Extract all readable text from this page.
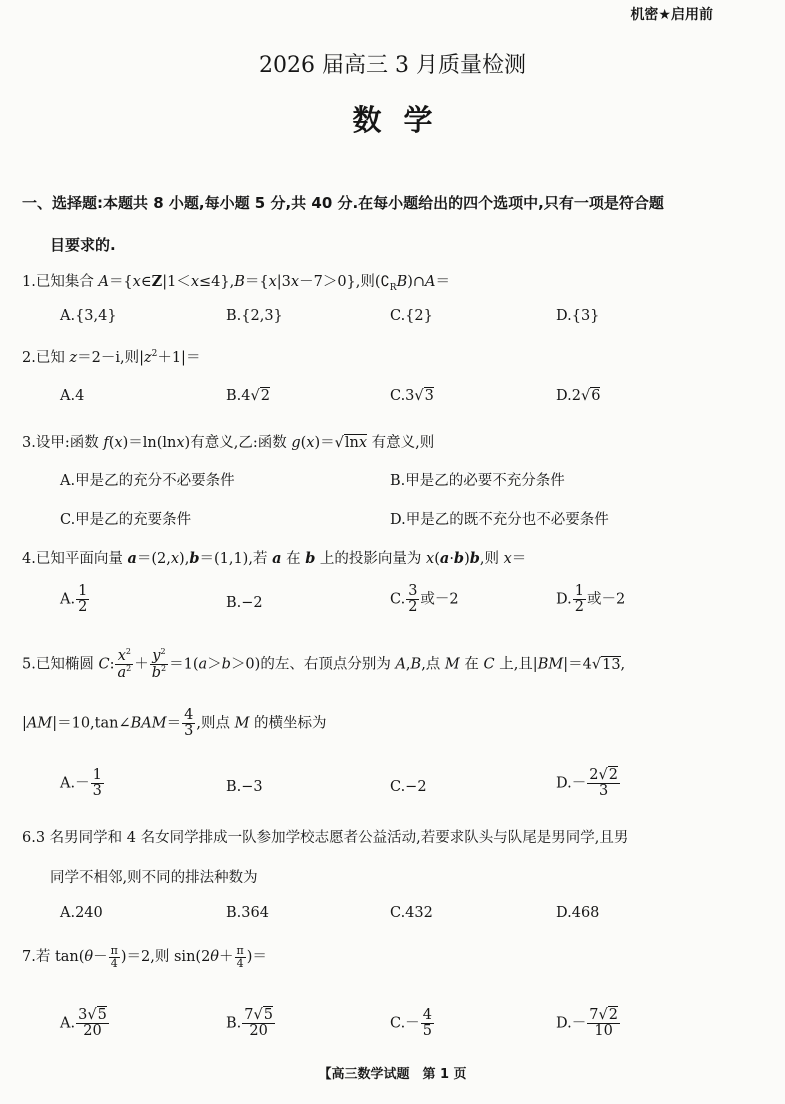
机密★启用前
2026 届高三 3 月质量检测
数学
一、选择题:本题共 8 小题,每小题 5 分,共 40 分.在每小题给出的四个选项中,只有一项是符合题
目要求的.
1.已知集合 A＝{x∈Z|1＜x≤4},B＝{x|3x－7＞0},则$(∁_RB)\cap A=$
A.{3,4}	B.{2,3}	C.{2}	D.{3}
2.已知 z＝2－i,则$|z^2+1|=$
A.4	B.4√2	C.3√3	D.2√6
3.设甲:函数 f(x)＝ln(lnx)有意义,乙:函数 g(x)＝√lnx 有意义,则
A.甲是乙的充分不必要条件	B.甲是乙的必要不充分条件
C.甲是乙的充要条件	D.甲是乙的既不充分也不必要条件
4.已知平面向量 a＝(2,x),b＝(1,1),若 a 在 b 上的投影向量为 x(a·b)b,则 x＝
A. $\frac{1}{2}$	B.−2	C. $\frac{3}{2}$ 或－2	D. $\frac{1}{2}$ 或－2
5.已知椭圆 C: $\frac{x^2}{a^2} + \frac{y^2}{b^2} =1(a>b>0)$的左、右顶点分别为 A,B,点 M 在 C 上,且|BM|＝4√13,
|AM|＝10,tan∠BAM＝ $\frac{4}{3}$ ,则点 M 的横坐标为
$A.- \frac{1}{3}$	B.−3	C.−2	$D.- \frac{2√2}{3}$
6.3 名男同学和 4 名女同学排成一队参加学校志愿者公益活动,若要求队头与队尾是男同学,且男
同学不相邻,则不同的排法种数为
A.240	B.364	C.432	D.468
7.若 $\tan(\theta- \frac{\pi}{4} )=2$,则 $\sin(2\theta+ \frac{\pi}{4}$ )＝
A. $\frac{3√5}{20}$	B. $\frac{7√5}{20}$	$C.- \frac{4}{5}$	$D.- \frac{7√2}{10}$
【高三数学试题　第 1 页
